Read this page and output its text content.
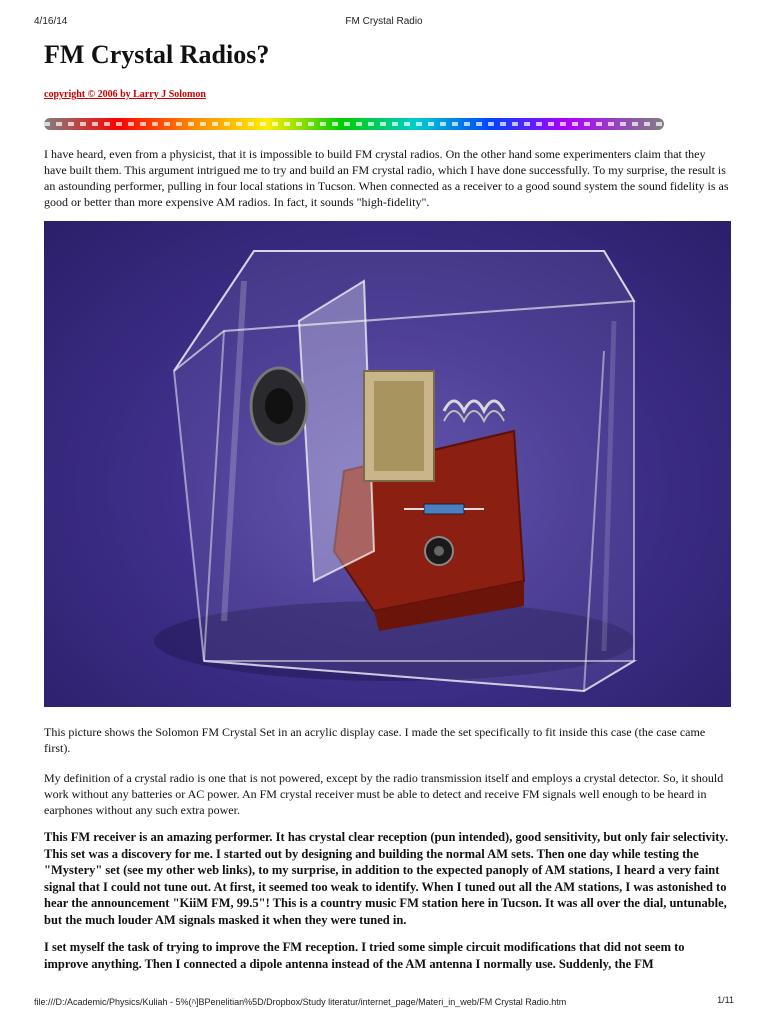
4/16/14	FM Crystal Radio
FM Crystal Radios?
copyright © 2006 by Larry J Solomon

I have heard, even from a physicist, that it is impossible to build FM crystal radios. On the other hand some experimenters claim that they have built them. This argument intrigued me to try and build an FM crystal radio, which I have done successfully. To my surprise, the result is an astounding performer, pulling in four local stations in Tucson. When connected as a receiver to a good sound system the sound fidelity is as good or better than more expensive AM radios. In fact, it sounds "high-fidelity".

This picture shows the Solomon FM Crystal Set in an acrylic display case. I made the set specifically to fit inside this case (the case came first).

My definition of a crystal radio is one that is not powered, except by the radio transmission itself and employs a crystal detector. So, it should work without any batteries or AC power. An FM crystal receiver must be able to detect and receive FM signals well enough to be heard in earphones without any such extra power.

This FM receiver is an amazing performer. It has crystal clear reception (pun intended), good sensitivity, but only fair selectivity. This set was a discovery for me. I started out by designing and building the normal AM sets. Then one day while testing the "Mystery" set (see my other web links), to my surprise, in addition to the expected panoply of AM stations, I heard a very faint signal that I could not tune out. At first, it seemed too weak to identify. When I tuned out all the AM stations, I was astonished to hear the announcement "KiiM FM, 99.5"! This is a country music FM station here in Tucson. It was all over the dial, untunable, but the much louder AM signals masked it when they were tuned in.

I set myself the task of trying to improve the FM reception. I tried some simple circuit modifications that did not seem to improve anything. Then I connected a dipole antenna instead of the AM antenna I normally use. Suddenly, the FM

file:///D:/Academic/Physics/Kuliah - 5%(ﾊ]BPenelitian%5D/Dropbox/Study literatur/internet_page/Materi_in_web/FM Crystal Radio.htm	1/11
